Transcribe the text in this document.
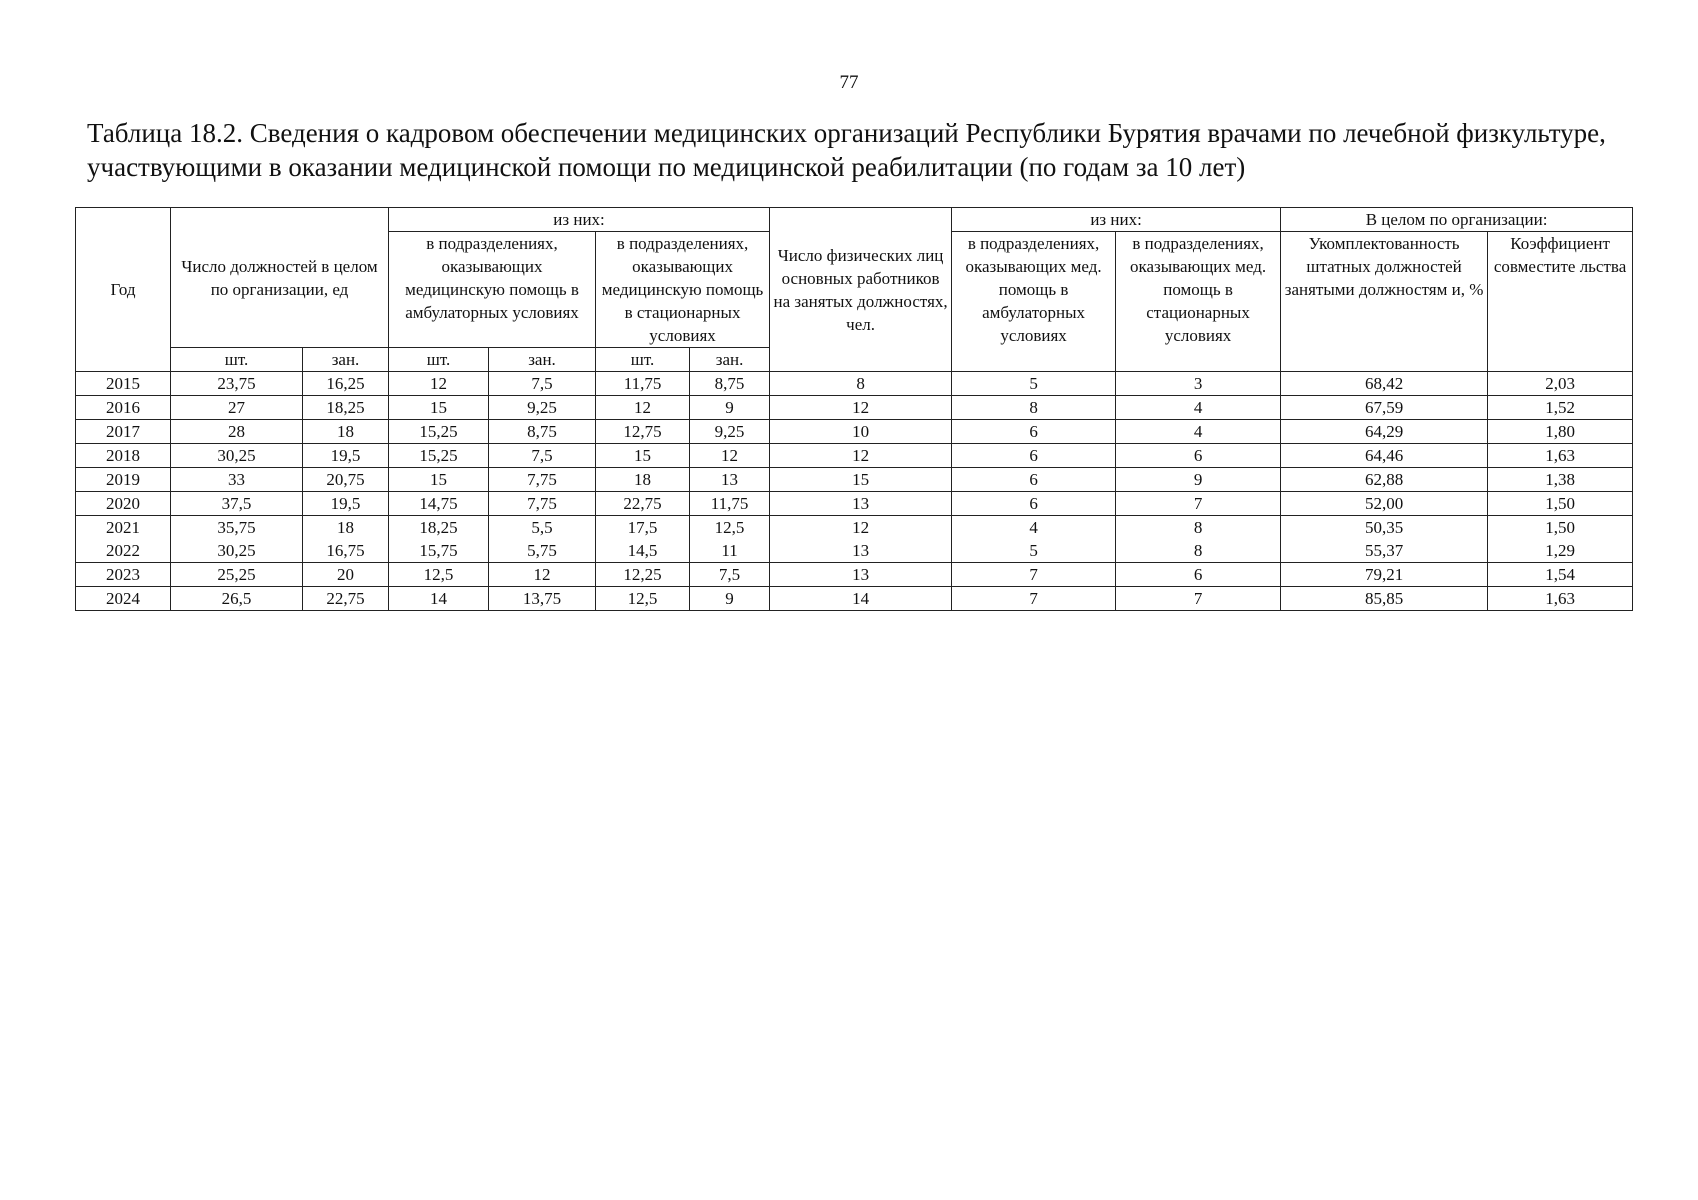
77
Таблица 18.2. Сведения о кадровом обеспечении медицинских организаций Республики Бурятия врачами по лечебной физкультуре, участвующими в оказании медицинской помощи по медицинской реабилитации (по годам за 10 лет)
Год	Число должностей в целом по организации, ед		из них:				Число физических лиц основных работников на занятых должностях, чел.	из них:		В целом по организации:	
			в подразделениях, оказывающих медицинскую помощь в амбулаторных условиях		в подразделениях, оказывающих медицинскую помощь в стационарных условиях			в подразделениях, оказывающих мед. помощь в амбулаторных условиях	в подразделениях, оказывающих мед. помощь в стационарных условиях	Укомплектованность штатных должностей занятыми должностям и, %	Коэффициент совместите льства
	шт.	зан.	шт.	зан.	шт.	зан.					
2015	23,75	16,25	12	7,5	11,75	8,75	8	5	3	68,42	2,03
2016	27	18,25	15	9,25	12	9	12	8	4	67,59	1,52
2017	28	18	15,25	8,75	12,75	9,25	10	6	4	64,29	1,80
2018	30,25	19,5	15,25	7,5	15	12	12	6	6	64,46	1,63
2019	33	20,75	15	7,75	18	13	15	6	9	62,88	1,38
2020	37,5	19,5	14,75	7,75	22,75	11,75	13	6	7	52,00	1,50
2021	35,75	18	18,25	5,5	17,5	12,5	12	4	8	50,35	1,50
2022	30,25	16,75	15,75	5,75	14,5	11	13	5	8	55,37	1,29
2023	25,25	20	12,5	12	12,25	7,5	13	7	6	79,21	1,54
2024	26,5	22,75	14	13,75	12,5	9	14	7	7	85,85	1,63
